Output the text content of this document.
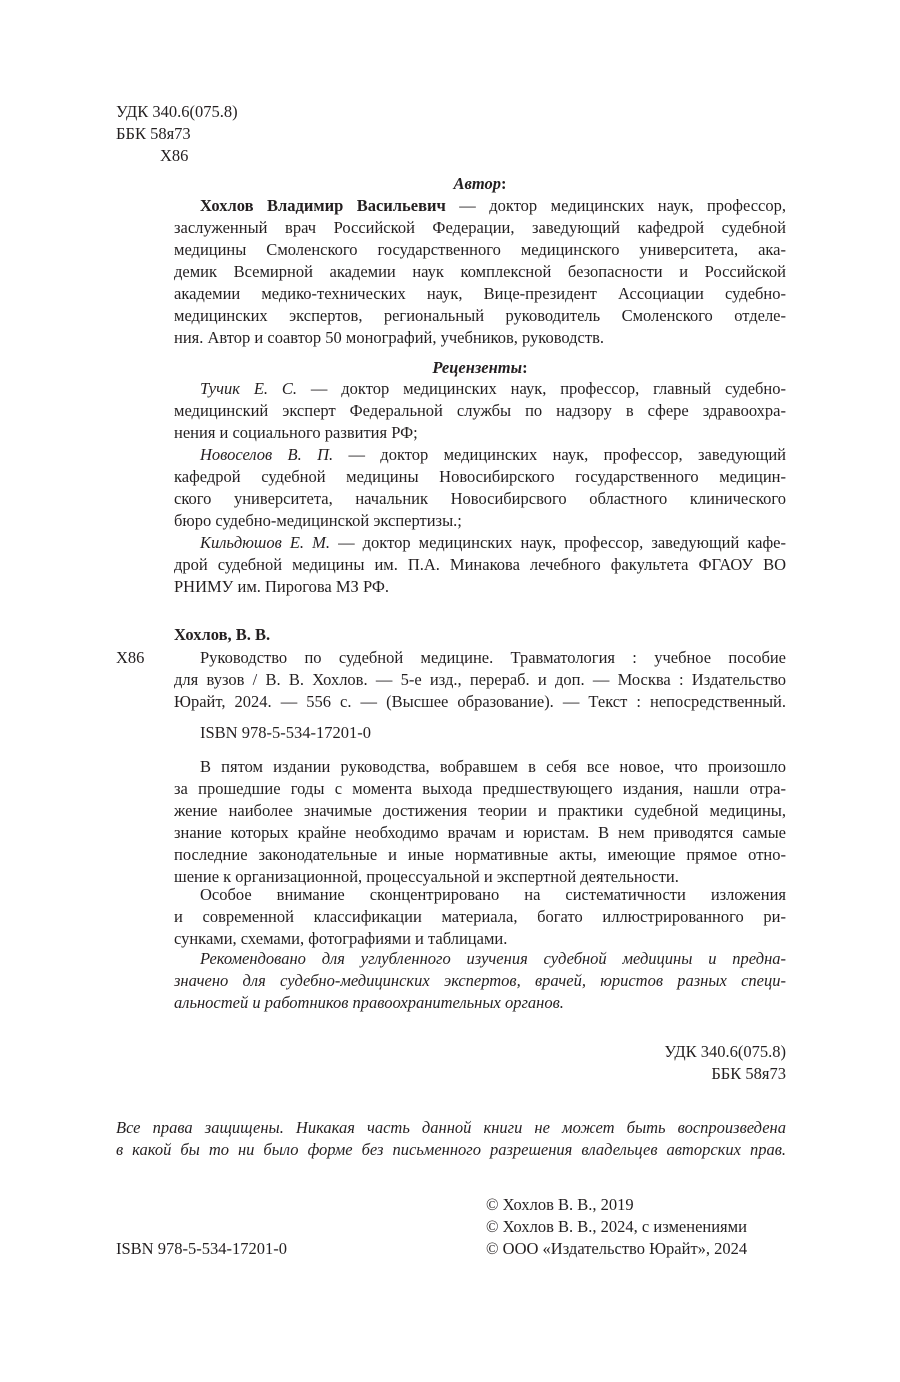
УДК 340.6(075.8)
ББК 58я73
Х86
Автор:
Хохлов Владимир Васильевич — доктор медицинских наук, профессор,
заслуженный врач Российской Федерации, заведующий кафедрой судебной
медицины Смоленского государственного медицинского университета, ака-
демик Всемирной академии наук комплексной безопасности и Российской
академии медико-технических наук, Вице-президент Ассоциации судебно-
медицинских экспертов, региональный руководитель Смоленского отделе-
ния. Автор и соавтор 50 монографий, учебников, руководств.
Рецензенты:
Тучик Е. С. — доктор медицинских наук, профессор, главный судебно-
медицинский эксперт Федеральной службы по надзору в сфере здравоохра-
нения и социального развития РФ;
Новоселов В. П. — доктор медицинских наук, профессор, заведующий
кафедрой судебной медицины Новосибирского государственного медицин-
ского университета, начальник Новосибирсвого областного клинического
бюро судебно-медицинской экспертизы.;
Кильдюшов Е. М. — доктор медицинских наук, профессор, заведующий кафе-
дрой судебной медицины им. П.А. Минакова лечебного факультета ФГАОУ ВО
РНИМУ им. Пирогова МЗ РФ.
Хохлов, В. В.
Х86	Руководство по судебной медицине. Травматология : учебное пособие
для вузов / В. В. Хохлов. — 5-е изд., перераб. и доп. — Москва : Издательство
Юрайт, 2024. — 556 с. — (Высшее образование). — Текст : непосредственный.
ISBN 978-5-534-17201-0
В пятом издании руководства, вобравшем в себя все новое, что произошло
за прошедшие годы с момента выхода предшествующего издания, нашли отра-
жение наиболее значимые достижения теории и практики судебной медицины,
знание которых крайне необходимо врачам и юристам. В нем приводятся самые
последние законодательные и иные нормативные акты, имеющие прямое отно-
шение к организационной, процессуальной и экспертной деятельности.
Особое внимание сконцентрировано на систематичности изложения
и современной классификации материала, богато иллюстрированного ри-
сунками, схемами, фотографиями и таблицами.
Рекомендовано для углубленного изучения судебной медицины и предна-
значено для судебно-медицинских экспертов, врачей, юристов разных специ-
альностей и работников правоохранительных органов.
УДК 340.6(075.8)
ББК 58я73
Все права защищены. Никакая часть данной книги не может быть воспроизведена
в какой бы то ни было форме без письменного разрешения владельцев авторских прав.
ISBN 978-5-534-17201-0
© Хохлов В. В., 2019
© Хохлов В. В., 2024, с изменениями
© ООО «Издательство Юрайт», 2024
